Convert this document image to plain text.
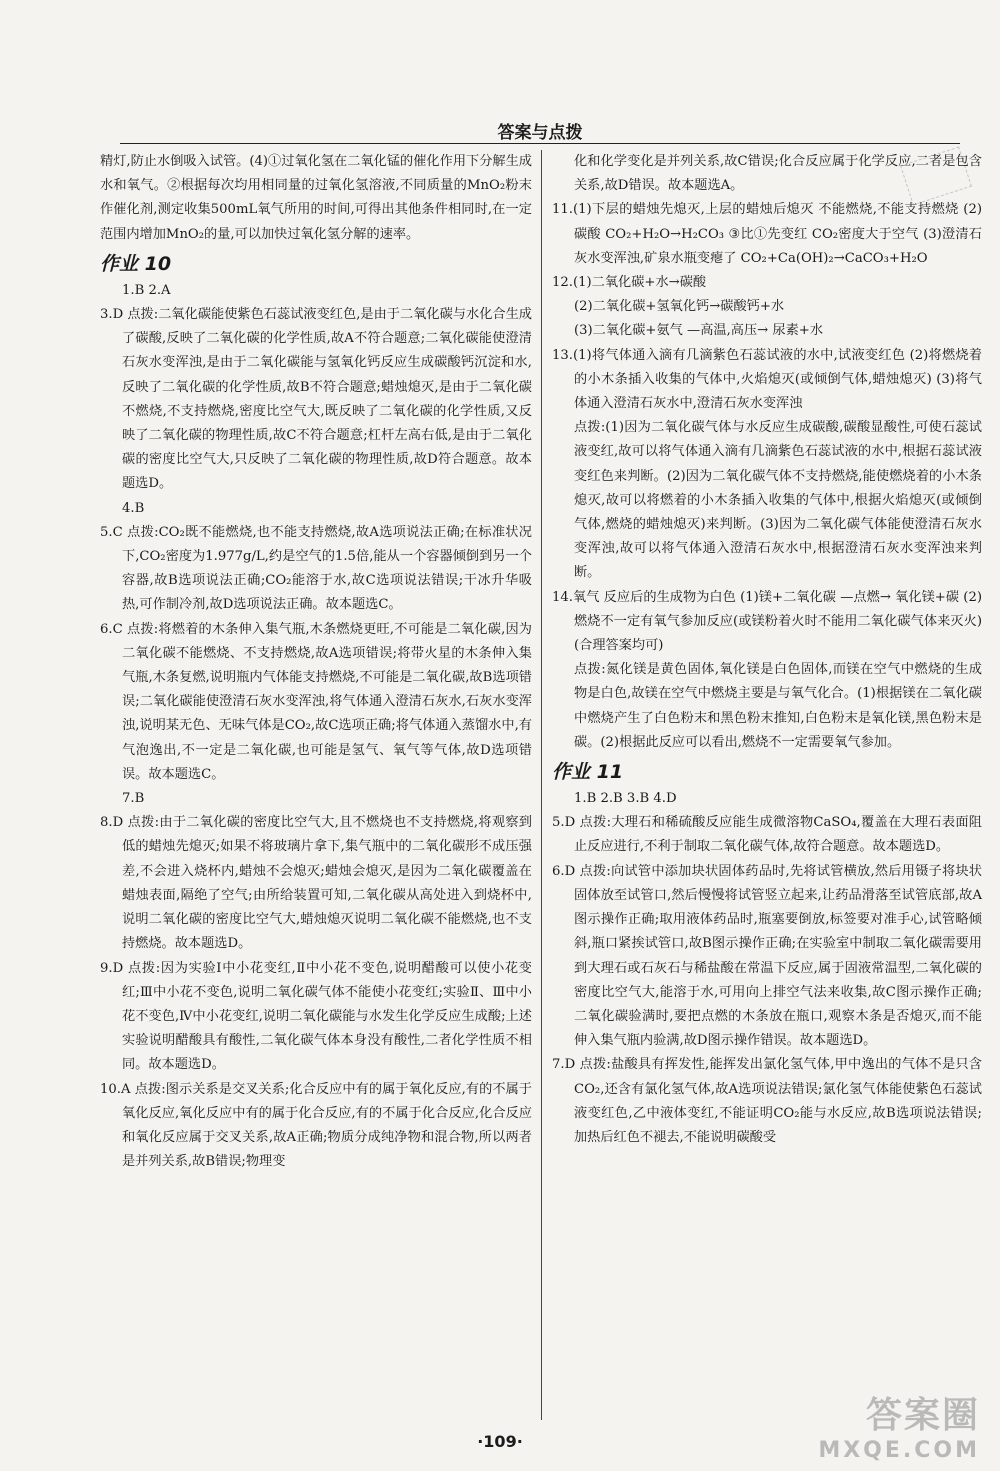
答案与点拨

精灯,防止水倒吸入试管。(4)①过氧化氢在二氧化锰的催化作用下分解生成水和氧气。②根据每次均用相同量的过氧化氢溶液,不同质量的MnO₂粉末作催化剂,测定收集500mL氧气所用的时间,可得出其他条件相同时,在一定范围内增加MnO₂的量,可以加快过氧化氢分解的速率。

作业 10

1.B 2.A

3.D 点拨:二氧化碳能使紫色石蕊试液变红色,是由于二氧化碳与水化合生成了碳酸,反映了二氧化碳的化学性质,故A不符合题意;二氧化碳能使澄清石灰水变浑浊,是由于二氧化碳能与氢氧化钙反应生成碳酸钙沉淀和水,反映了二氧化碳的化学性质,故B不符合题意;蜡烛熄灭,是由于二氧化碳不燃烧,不支持燃烧,密度比空气大,既反映了二氧化碳的化学性质,又反映了二氧化碳的物理性质,故C不符合题意;杠杆左高右低,是由于二氧化碳的密度比空气大,只反映了二氧化碳的物理性质,故D符合题意。故本题选D。

4.B

5.C 点拨:CO₂既不能燃烧,也不能支持燃烧,故A选项说法正确;在标准状况下,CO₂密度为1.977g/L,约是空气的1.5倍,能从一个容器倾倒到另一个容器,故B选项说法正确;CO₂能溶于水,故C选项说法错误;干冰升华吸热,可作制冷剂,故D选项说法正确。故本题选C。

6.C 点拨:将燃着的木条伸入集气瓶,木条燃烧更旺,不可能是二氧化碳,因为二氧化碳不能燃烧、不支持燃烧,故A选项错误;将带火星的木条伸入集气瓶,木条复燃,说明瓶内气体能支持燃烧,不可能是二氧化碳,故B选项错误;二氧化碳能使澄清石灰水变浑浊,将气体通入澄清石灰水,石灰水变浑浊,说明某无色、无味气体是CO₂,故C选项正确;将气体通入蒸馏水中,有气泡逸出,不一定是二氧化碳,也可能是氢气、氧气等气体,故D选项错误。故本题选C。

7.B

8.D 点拨:由于二氧化碳的密度比空气大,且不燃烧也不支持燃烧,将观察到低的蜡烛先熄灭;如果不将玻璃片拿下,集气瓶中的二氧化碳形不成压强差,不会进入烧杯内,蜡烛不会熄灭;蜡烛会熄灭,是因为二氧化碳覆盖在蜡烛表面,隔绝了空气;由所给装置可知,二氧化碳从高处进入到烧杯中,说明二氧化碳的密度比空气大,蜡烛熄灭说明二氧化碳不能燃烧,也不支持燃烧。故本题选D。

9.D 点拨:因为实验Ⅰ中小花变红,Ⅱ中小花不变色,说明醋酸可以使小花变红;Ⅲ中小花不变色,说明二氧化碳气体不能使小花变红;实验Ⅱ、Ⅲ中小花不变色,Ⅳ中小花变红,说明二氧化碳能与水发生化学反应生成酸;上述实验说明醋酸具有酸性,二氧化碳气体本身没有酸性,二者化学性质不相同。故本题选D。

10.A 点拨:图示关系是交叉关系;化合反应中有的属于氧化反应,有的不属于氧化反应,氧化反应中有的属于化合反应,有的不属于化合反应,化合反应和氧化反应属于交叉关系,故A正确;物质分成纯净物和混合物,所以两者是并列关系,故B错误;物理变

化和化学变化是并列关系,故C错误;化合反应属于化学反应,二者是包含关系,故D错误。故本题选A。

11.(1)下层的蜡烛先熄灭,上层的蜡烛后熄灭 不能燃烧,不能支持燃烧 (2)碳酸 CO₂+H₂O→H₂CO₃ ③比①先变红 CO₂密度大于空气 (3)澄清石灰水变浑浊,矿泉水瓶变瘪了 CO₂+Ca(OH)₂→CaCO₃+H₂O

12.(1)二氧化碳+水→碳酸

(2)二氧化碳+氢氧化钙→碳酸钙+水

(3)二氧化碳+氨气 —高温,高压→ 尿素+水

13.(1)将气体通入滴有几滴紫色石蕊试液的水中,试液变红色 (2)将燃烧着的小木条插入收集的气体中,火焰熄灭(或倾倒气体,蜡烛熄灭) (3)将气体通入澄清石灰水中,澄清石灰水变浑浊

点拨:(1)因为二氧化碳气体与水反应生成碳酸,碳酸显酸性,可使石蕊试液变红,故可以将气体通入滴有几滴紫色石蕊试液的水中,根据石蕊试液变红色来判断。(2)因为二氧化碳气体不支持燃烧,能使燃烧着的小木条熄灭,故可以将燃着的小木条插入收集的气体中,根据火焰熄灭(或倾倒气体,燃烧的蜡烛熄灭)来判断。(3)因为二氧化碳气体能使澄清石灰水变浑浊,故可以将气体通入澄清石灰水中,根据澄清石灰水变浑浊来判断。

14.氧气 反应后的生成物为白色 (1)镁+二氧化碳 —点燃→ 氧化镁+碳 (2)燃烧不一定有氧气参加反应(或镁粉着火时不能用二氧化碳气体来灭火)(合理答案均可)

点拨:氮化镁是黄色固体,氧化镁是白色固体,而镁在空气中燃烧的生成物是白色,故镁在空气中燃烧主要是与氧气化合。(1)根据镁在二氧化碳中燃烧产生了白色粉末和黑色粉末推知,白色粉末是氧化镁,黑色粉末是碳。(2)根据此反应可以看出,燃烧不一定需要氧气参加。

作业 11

1.B 2.B 3.B 4.D

5.D 点拨:大理石和稀硫酸反应能生成微溶物CaSO₄,覆盖在大理石表面阻止反应进行,不利于制取二氧化碳气体,故符合题意。故本题选D。

6.D 点拨:向试管中添加块状固体药品时,先将试管横放,然后用镊子将块状固体放至试管口,然后慢慢将试管竖立起来,让药品滑落至试管底部,故A图示操作正确;取用液体药品时,瓶塞要倒放,标签要对准手心,试管略倾斜,瓶口紧挨试管口,故B图示操作正确;在实验室中制取二氧化碳需要用到大理石或石灰石与稀盐酸在常温下反应,属于固液常温型,二氧化碳的密度比空气大,能溶于水,可用向上排空气法来收集,故C图示操作正确;二氧化碳验满时,要把点燃的木条放在瓶口,观察木条是否熄灭,而不能伸入集气瓶内验满,故D图示操作错误。故本题选D。

7.D 点拨:盐酸具有挥发性,能挥发出氯化氢气体,甲中逸出的气体不是只含CO₂,还含有氯化氢气体,故A选项说法错误;氯化氢气体能使紫色石蕊试液变红色,乙中液体变红,不能证明CO₂能与水反应,故B选项说法错误;加热后红色不褪去,不能说明碳酸受

·109·
答案圈
MXQE.COM
